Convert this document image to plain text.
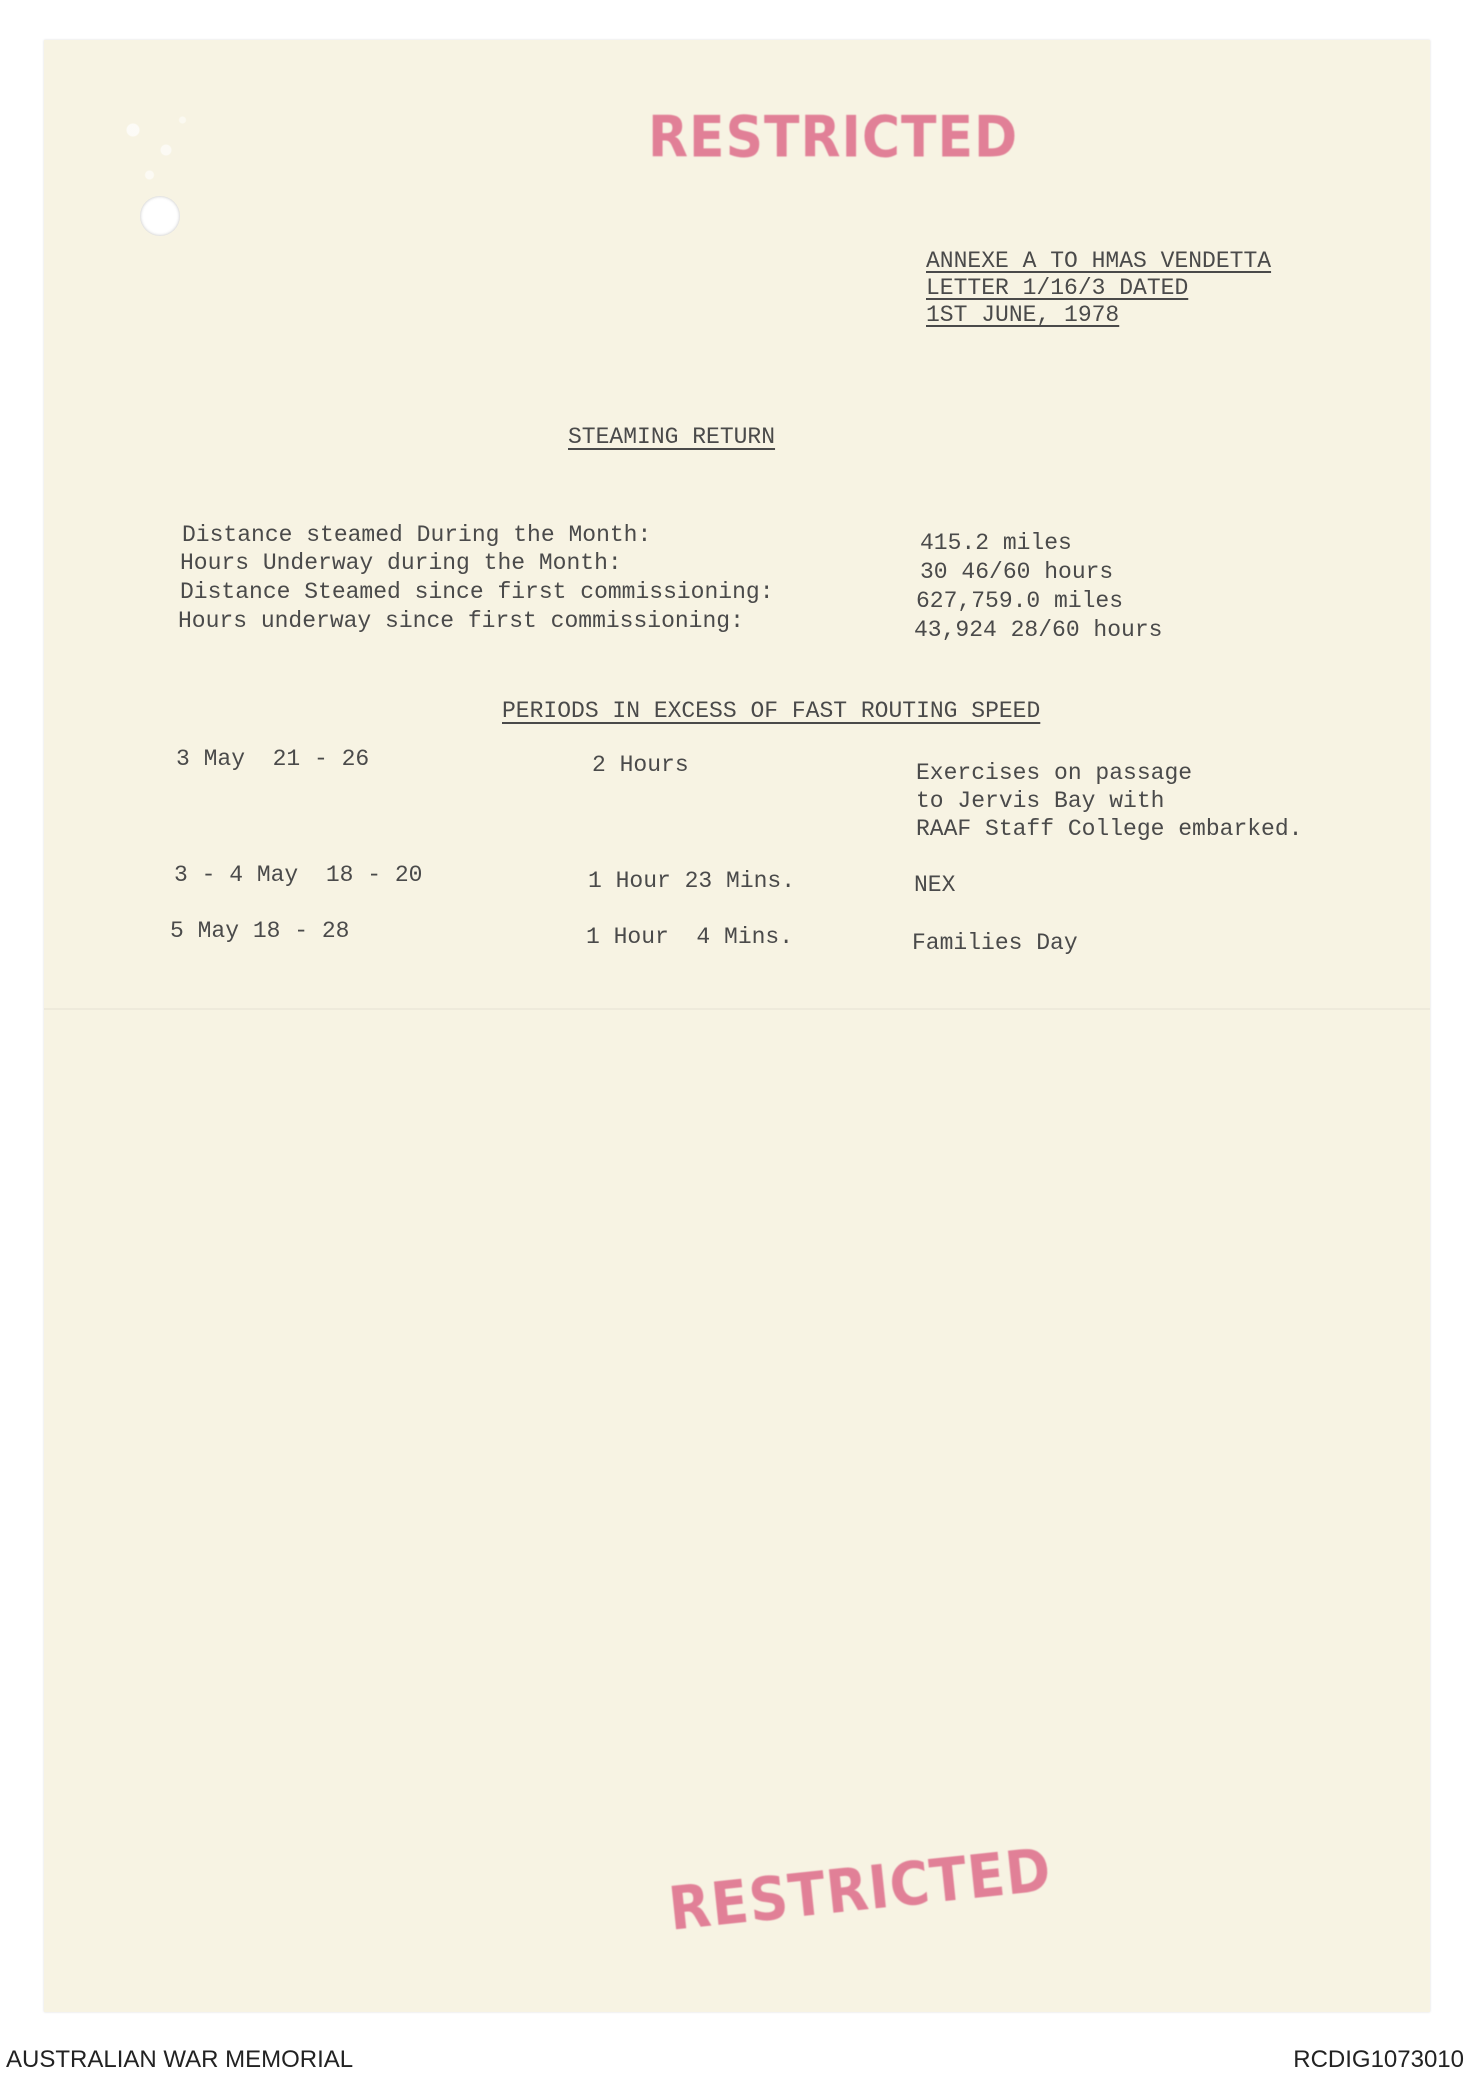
RESTRICTED
ANNEXE A TO HMAS VENDETTA
LETTER 1/16/3 DATED
1ST JUNE, 1978
STEAMING RETURN
Distance steamed During the Month:	415.2 miles
Hours Underway during the Month:	30 46/60 hours
Distance Steamed since first commissioning:	627,759.0 miles
Hours underway since first commissioning:	43,924 28/60 hours
PERIODS IN EXCESS OF FAST ROUTING SPEED
3 May  21 - 26	2 Hours	Exercises on passage
to Jervis Bay with
RAAF Staff College embarked.
3 - 4 May  18 - 20	1 Hour 23 Mins.	NEX
5 May 18 - 28	1 Hour  4 Mins.	Families Day
RESTRICTED
AUSTRALIAN WAR MEMORIAL	RCDIG1073010
